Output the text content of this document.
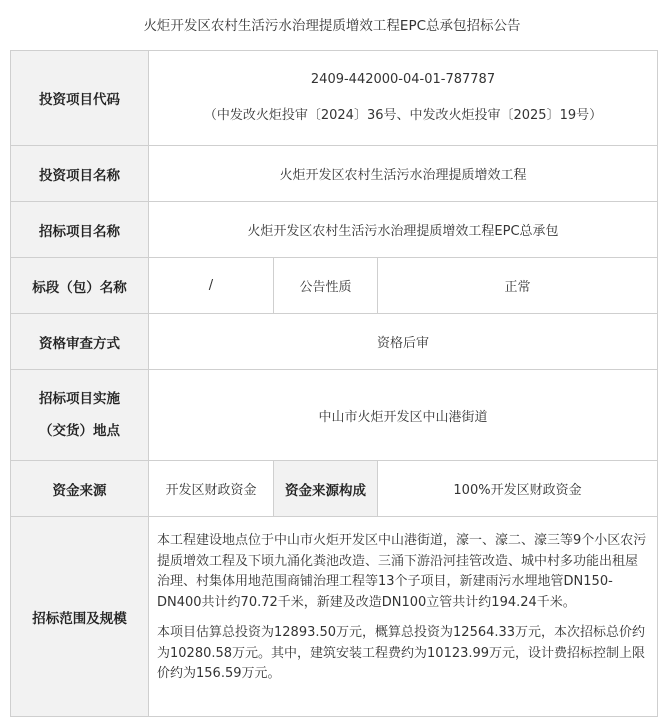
火炬开发区农村生活污水治理提质增效工程EPC总承包招标公告
投资项目代码	2409-442000-04-01-787787
（中发改火炬投审〔2024〕36号、中发改火炬投审〔2025〕19号）		

投资项目名称	火炬开发区农村生活污水治理提质增效工程		
招标项目名称	火炬开发区农村生活污水治理提质增效工程EPC总承包		
标段（包）名称	/	公告性质	正常
资格审查方式	资格后审		

招标项目实施
（交货）地点	中山市火炬开发区中山港街道		
资金来源	开发区财政资金	资金来源构成	100%开发区财政资金
招标范围及规模	本工程建设地点位于中山市火炬开发区中山港街道，濠一、濠二、濠三等9个小区农污提质增效工程及下顷九涌化粪池改造、三涌下游沿河挂管改造、城中村多功能出租屋治理、村集体用地范围商铺治理工程等13个子项目，新建雨污水埋地管DN150-DN400共计约70.72千米，新建及改造DN100立管共计约194.24千米。

本项目估算总投资为12893.50万元，概算总投资为12564.33万元，本次招标总价约为10280.58万元。其中，建筑安装工程费约为10123.99万元，设计费招标控制上限价约为156.59万元。		
